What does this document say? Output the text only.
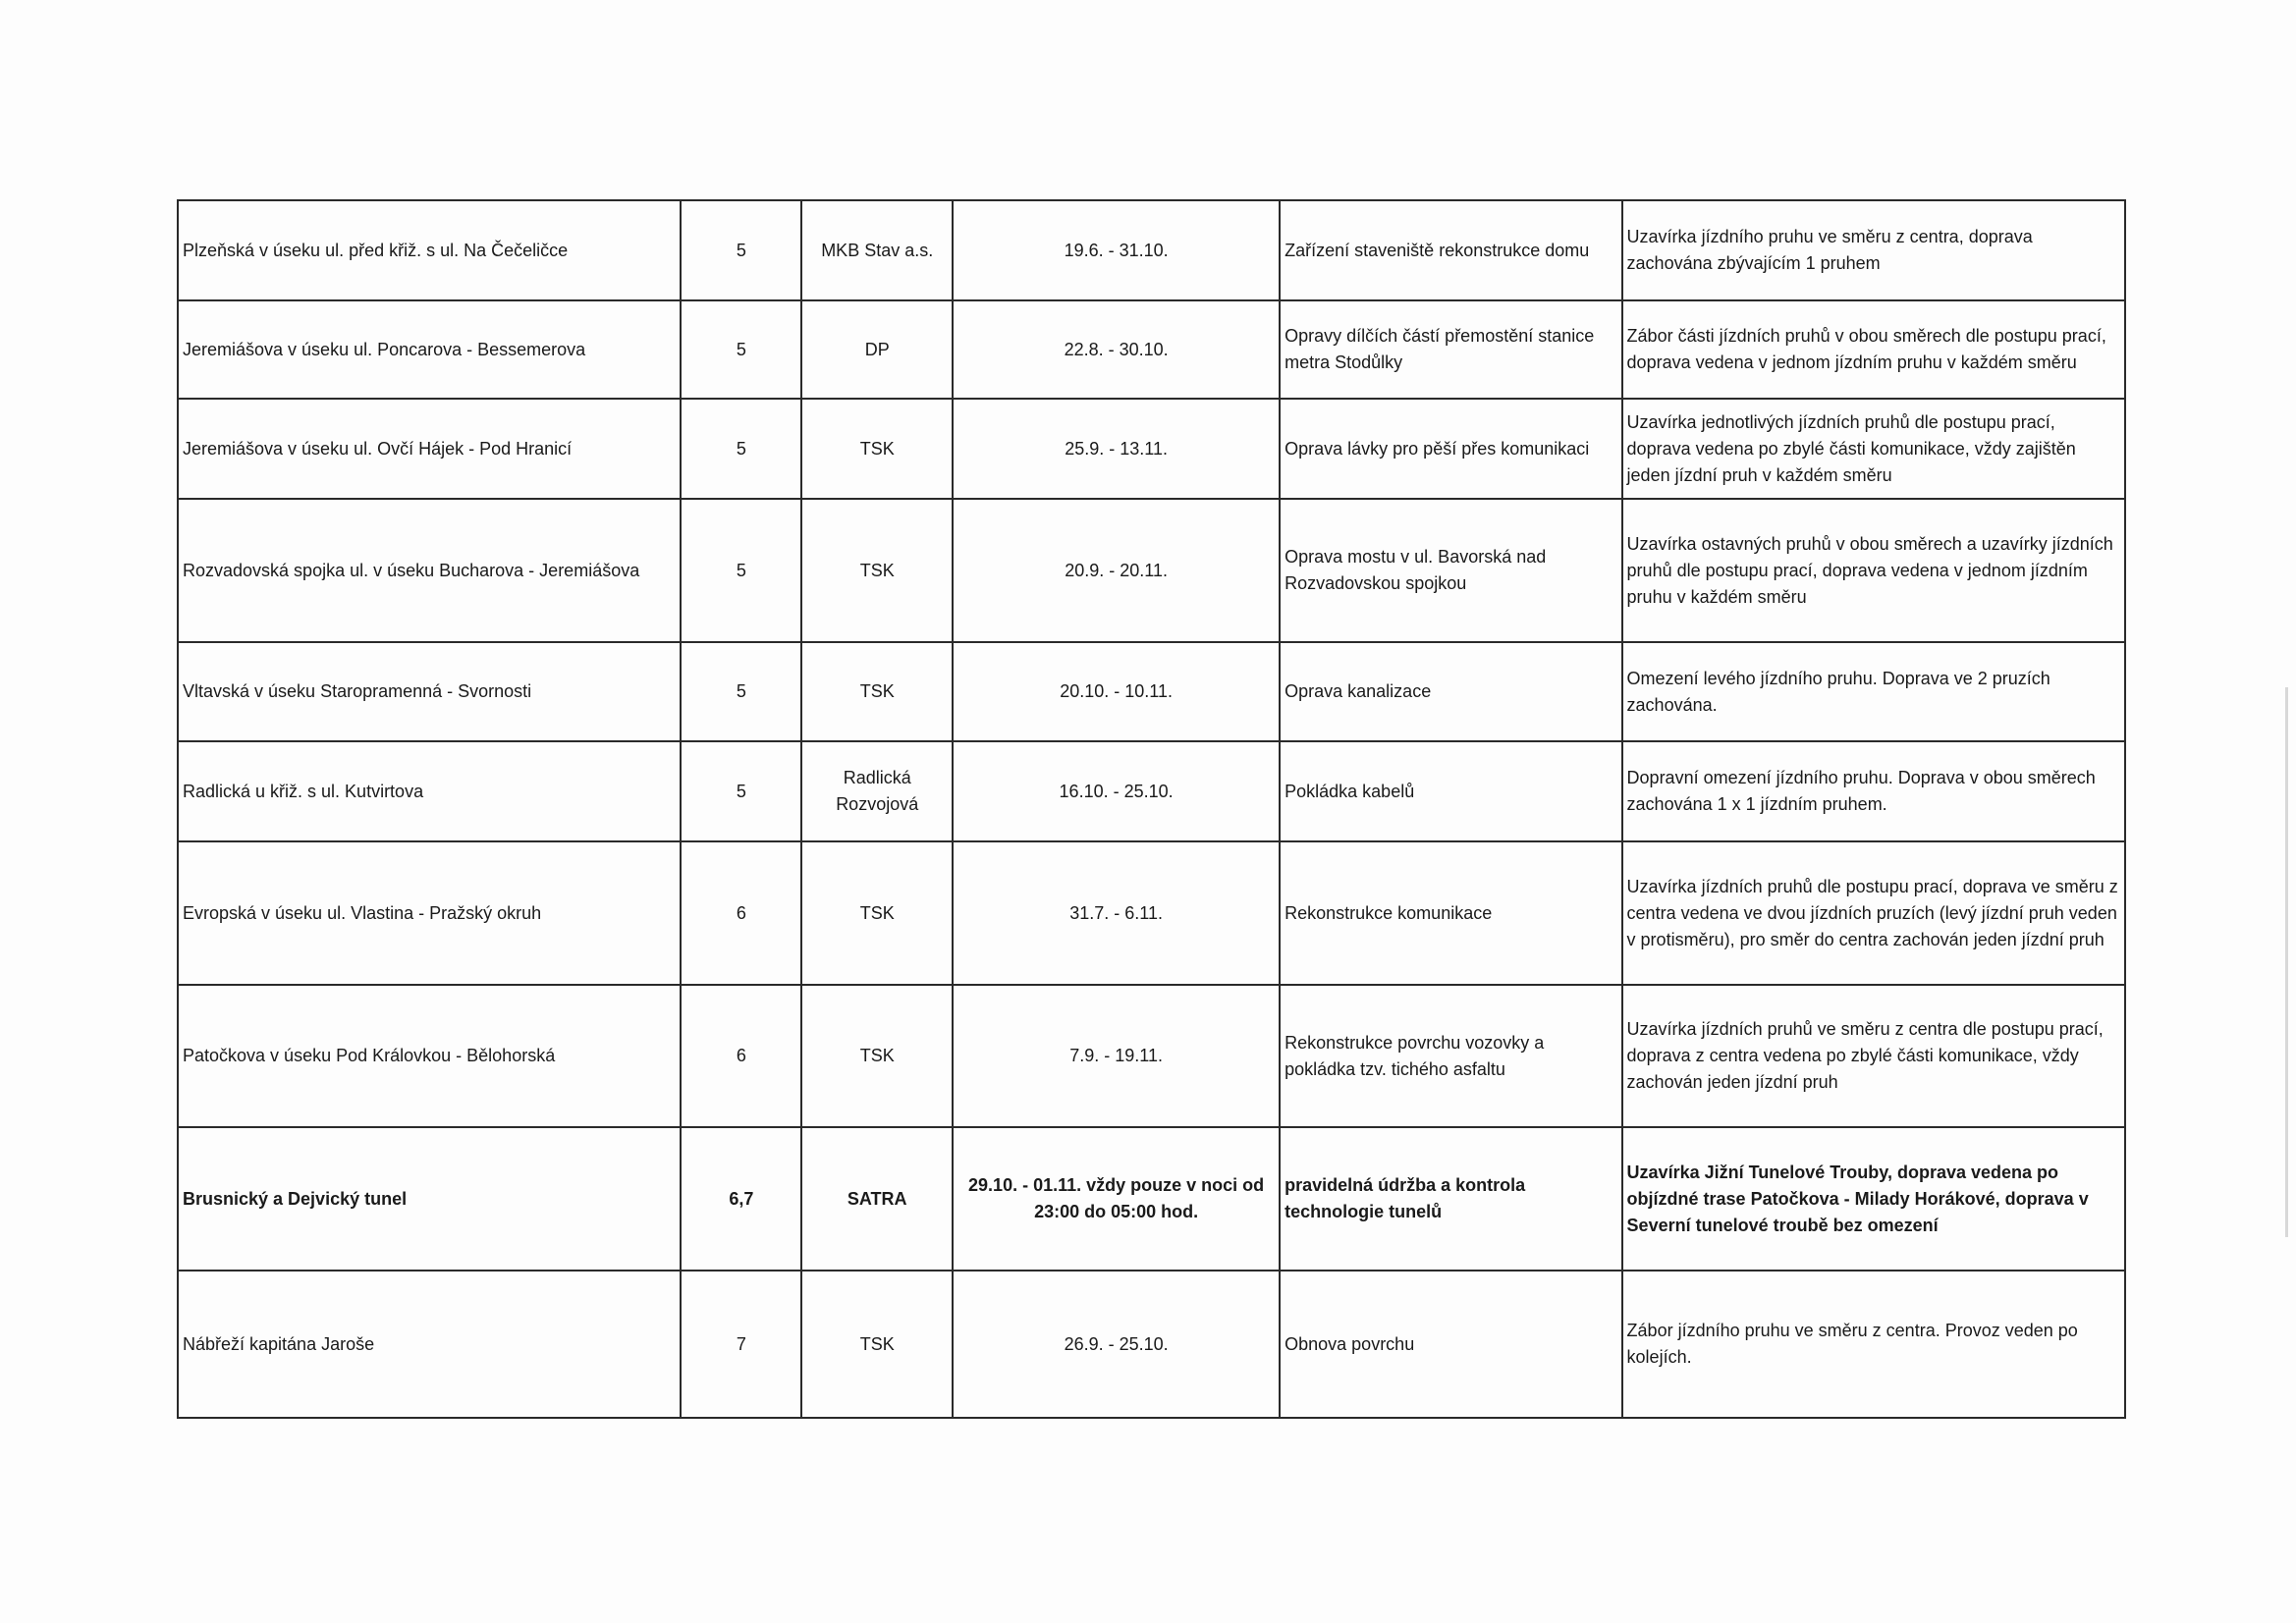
Plzeňská v úseku ul. před křiž. s ul. Na Čečeličce	5	MKB Stav a.s.	19.6. - 31.10.	Zařízení staveniště rekonstrukce domu	Uzavírka jízdního pruhu ve směru z centra, doprava zachována zbývajícím 1 pruhem
Jeremiášova v úseku ul. Poncarova - Bessemerova	5	DP	22.8. - 30.10.	Opravy dílčích částí přemostění stanice metra Stodůlky	Zábor části jízdních pruhů v obou směrech dle postupu prací, doprava vedena v jednom jízdním pruhu v každém směru
Jeremiášova v úseku ul. Ovčí Hájek - Pod Hranicí	5	TSK	25.9. - 13.11.	Oprava lávky pro pěší přes komunikaci	Uzavírka jednotlivých jízdních pruhů dle postupu prací, doprava vedena po zbylé části komunikace, vždy zajištěn jeden jízdní pruh v každém směru
Rozvadovská spojka ul. v úseku Bucharova - Jeremiášova	5	TSK	20.9. - 20.11.	Oprava mostu v ul. Bavorská nad Rozvadovskou spojkou	Uzavírka ostavných pruhů v obou směrech a uzavírky jízdních pruhů dle postupu prací, doprava vedena v jednom jízdním pruhu v každém směru
Vltavská v úseku Staropramenná - Svornosti	5	TSK	20.10. - 10.11.	Oprava kanalizace	Omezení levého jízdního pruhu. Doprava ve 2 pruzích zachována.
Radlická u křiž. s ul. Kutvirtova	5	Radlická Rozvojová	16.10. - 25.10.	Pokládka kabelů	Dopravní omezení jízdního pruhu. Doprava v obou směrech zachována 1 x 1 jízdním pruhem.
Evropská v úseku ul. Vlastina - Pražský okruh	6	TSK	31.7. - 6.11.	Rekonstrukce komunikace	Uzavírka jízdních pruhů dle postupu prací, doprava ve směru z centra vedena ve dvou jízdních pruzích (levý jízdní pruh veden v protisměru), pro směr do centra zachován jeden jízdní pruh
Patočkova v úseku Pod Královkou - Bělohorská	6	TSK	7.9. - 19.11.	Rekonstrukce povrchu vozovky a pokládka tzv. tichého asfaltu	Uzavírka jízdních pruhů ve směru z centra dle postupu prací, doprava z centra vedena po zbylé části komunikace, vždy zachován jeden jízdní pruh
Brusnický a Dejvický tunel	6,7	SATRA	29.10. - 01.11. vždy pouze v noci od 23:00 do 05:00 hod.	pravidelná údržba a kontrola technologie tunelů	Uzavírka Jižní Tunelové Trouby, doprava vedena po objízdné trase Patočkova - Milady Horákové, doprava v Severní tunelové troubě bez omezení
Nábřeží kapitána Jaroše	7	TSK	26.9. - 25.10.	Obnova povrchu	Zábor jízdního pruhu ve směru z centra. Provoz veden po kolejích.
